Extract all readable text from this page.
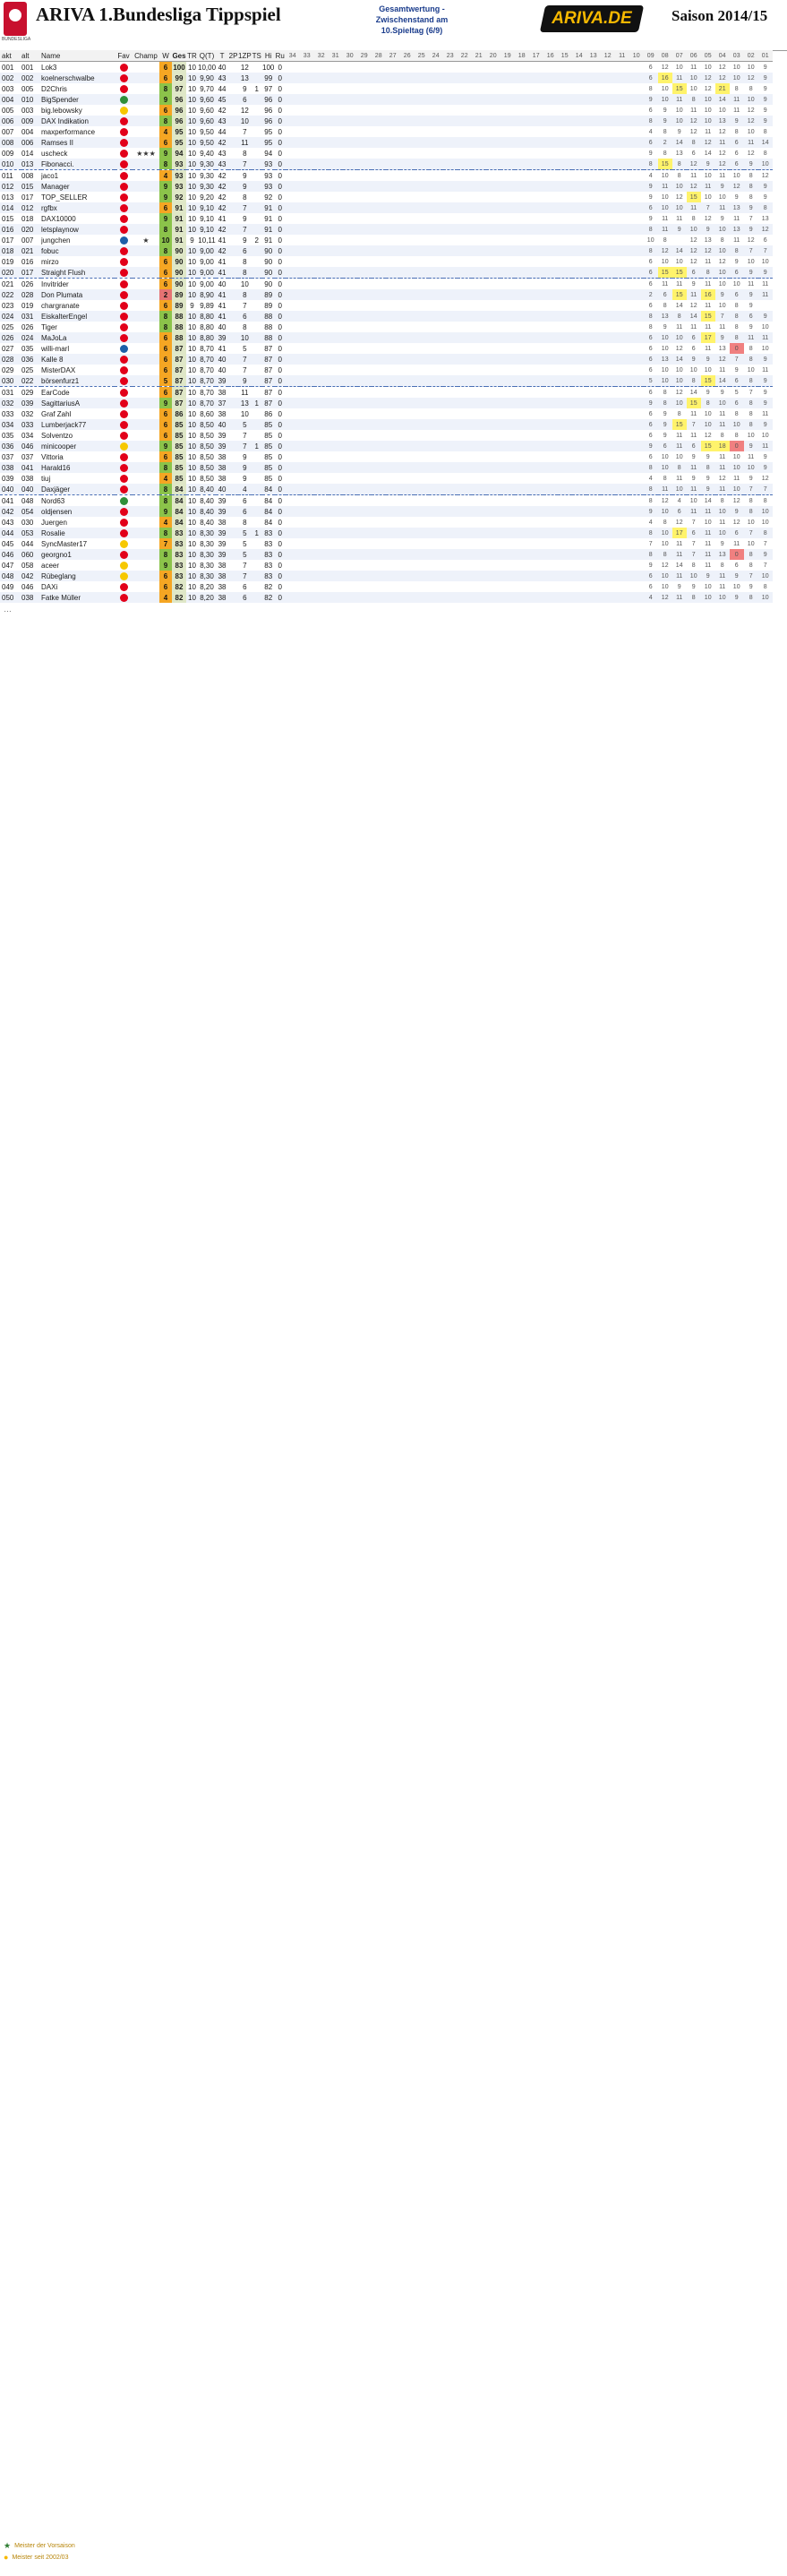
BUNDESLIGA
ARIVA 1.Bundesliga Tippspiel	Gesamtwertung - Zwischenstand am
10.Spieltag (6/9)
ARIVA.DE	Saison 2014/15
akt	alt	Name	Fav	Champ	W	Ges	TR	Q(T)	T	2P	1ZP	TS	Hi	Ru	34	33	32	31	30	29	28	27	26	25	24	23	22	21	20	19	18	17	16	15	14	13	12	11	10	09	08	07	06	05	04	03	02	01
001	001	Lok3			6	100	10	10,00	40		12		100	0																										6	12	10	11	10	12	10	10	9
002	002	koelnerschwalbe			6	99	10	9,90	43		13		99	0																										6	16	11	10	12	12	10	12	9
003	005	D2Chris			8	97	10	9,70	44		9	1	97	0																										8	10	15	10	12	21	8	8	9
004	010	BigSpender			9	96	10	9,60	45		6		96	0																										9	10	11	8	10	14	11	10	9
005	003	big.lebowsky			6	96	10	9,60	42		12		96	0																										6	9	10	11	10	10	11	12	9
006	009	DAX Indikation			8	96	10	9,60	43		10		96	0																										8	9	10	12	10	13	9	12	9
007	004	maxperformance			4	95	10	9,50	44		7		95	0																										4	8	9	12	11	12	8	10	8
008	006	Ramses II			6	95	10	9,50	42		11		95	0																										6	2	14	8	12	11	6	11	14
009	014	uscheck		★★★	9	94	10	9,40	43		8		94	0																										9	8	13	6	14	12	6	12	8
010	013	Fibonacci.			8	93	10	9,30	43		7		93	0																										8	15	8	12	9	12	6	9	10
011	008	jaco1			4	93	10	9,30	42		9		93	0																										4	10	8	11	10	11	10	8	12
012	015	Manager			9	93	10	9,30	42		9		93	0																										9	11	10	12	11	9	12	8	9
013	017	TOP_SELLER			9	92	10	9,20	42		8		92	0																										9	10	12	15	10	10	9	8	9
014	012	rgfbx			6	91	10	9,10	42		7		91	0																										6	10	10	11	7	11	13	9	8
015	018	DAX10000			9	91	10	9,10	41		9		91	0																										9	11	11	8	12	9	11	7	13
016	020	letsplaynow			8	91	10	9,10	42		7		91	0																										8	11	9	10	9	10	13	9	12
017	007	jungchen		★	10	91	9	10,11	41		9	2	91	0																										10	8		12	13	8	11	12	6
018	021	fobuc			8	90	10	9,00	42		6		90	0																										8	12	14	12	12	10	8	7	7
019	016	mirzo			6	90	10	9,00	41		8		90	0																										6	10	10	12	11	12	9	10	10
020	017	Straight Flush			6	90	10	9,00	41		8		90	0																										6	15	15	6	8	10	6	9	9
021	026	Invitrider			6	90	10	9,00	40		10		90	0																										6	11	11	9	11	10	10	11	11
022	028	Don Plumata			2	89	10	8,90	41		8		89	0																										2	6	15	11	16	9	6	9	11
023	019	chargranate			6	89	9	9,89	41		7		89	0																										6	8	14	12	11	10	8	9	
024	031	EiskalterEngel			8	88	10	8,80	41		6		88	0																										8	13	8	14	15	7	8	6	9
025	026	Tiger			8	88	10	8,80	40		8		88	0																										8	9	11	11	11	11	8	9	10
026	024	MaJoLa			6	88	10	8,80	39		10		88	0																										6	10	10	6	17	9	8	11	11
027	035	willi-marl			6	87	10	8,70	41		5		87	0																										6	10	12	6	11	13	0	8	10
028	036	Kalle 8			6	87	10	8,70	40		7		87	0																										6	13	14	9	9	12	7	8	9
029	025	MisterDAX			6	87	10	8,70	40		7		87	0																										6	10	10	10	10	11	9	10	11
030	022	börsenfurz1			5	87	10	8,70	39		9		87	0																										5	10	10	8	15	14	6	8	9
031	029	EarCode			6	87	10	8,70	38		11		87	0																										6	8	12	14	9	9	5	7	9
032	039	SagittariusA			9	87	10	8,70	37		13	1	87	0																										9	8	10	15	8	10	6	8	9
033	032	Graf Zahl			6	86	10	8,60	38		10		86	0																										6	9	8	11	10	11	8	8	11
034	033	Lumberjack77			6	85	10	8,50	40		5		85	0																										6	9	15	7	10	11	10	8	9
035	034	Solventzo			6	85	10	8,50	39		7		85	0																										6	9	11	11	12	8	8	10	10
036	046	minicooper			9	85	10	8,50	39		7	1	85	0																										9	6	11	6	15	18	0	9	11
037	037	Vittoria			6	85	10	8,50	38		9		85	0																										6	10	10	9	9	11	10	11	9
038	041	Harald16			8	85	10	8,50	38		9		85	0																										8	10	8	11	8	11	10	10	9
039	038	tiuj			4	85	10	8,50	38		9		85	0																										4	8	11	9	9	12	11	9	12
040	040	Daxjäger			8	84	10	8,40	40		4		84	0																										8	11	10	11	9	11	10	7	7
041	048	Nord63			8	84	10	8,40	39		6		84	0																										8	12	4	10	14	8	12	8	8
042	054	oldjensen			9	84	10	8,40	39		6		84	0																										9	10	6	11	11	10	9	8	10
043	030	Juergen			4	84	10	8,40	38		8		84	0																										4	8	12	7	10	11	12	10	10
044	053	Rosalie			8	83	10	8,30	39		5	1	83	0																										8	10	17	6	11	10	6	7	8
045	044	SyncMaster17			7	83	10	8,30	39		5		83	0																										7	10	11	7	11	9	11	10	7
046	060	georgno1			8	83	10	8,30	39		5		83	0																										8	8	11	7	11	13	0	8	9
047	058	aceer			9	83	10	8,30	38		7		83	0																										9	12	14	8	11	8	6	8	7
048	042	Rübeglang			6	83	10	8,30	38		7		83	0																										6	10	11	10	9	11	9	7	10
049	046	DAXi			6	82	10	8,20	38		6		82	0																										6	10	9	9	10	11	10	9	8
050	038	Fatke Müller			4	82	10	8,20	38		6		82	0																										4	12	11	8	10	10	9	8	10
…
★ Meister der Vorsaison
● Meister seit 2002/03
